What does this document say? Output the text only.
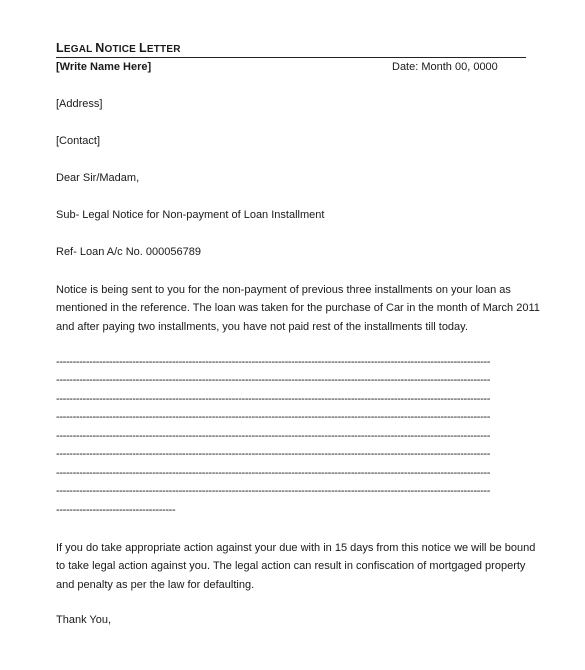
LEGAL NOTICE LETTER
[Write Name Here]	Date: Month 00, 0000
[Address]
[Contact]
Dear Sir/Madam,
Sub- Legal Notice for Non-payment of Loan Installment
Ref- Loan A/c No. 000056789
Notice is being sent to you for the non-payment of previous three installments on your loan as
mentioned in the reference. The loan was taken for the purchase of Car in the month of March 2011
and after paying two installments, you have not paid rest of the installments till today.
-----------------------------------------------------------------------------------------------------------------------------------
-----------------------------------------------------------------------------------------------------------------------------------
-----------------------------------------------------------------------------------------------------------------------------------
-----------------------------------------------------------------------------------------------------------------------------------
-----------------------------------------------------------------------------------------------------------------------------------
-----------------------------------------------------------------------------------------------------------------------------------
-----------------------------------------------------------------------------------------------------------------------------------
-----------------------------------------------------------------------------------------------------------------------------------
------------------------------------
If you do take appropriate action against your due with in 15 days from this notice we will be bound
to take legal action against you. The legal action can result in confiscation of mortgaged property
and penalty as per the law for defaulting.
Thank You,
